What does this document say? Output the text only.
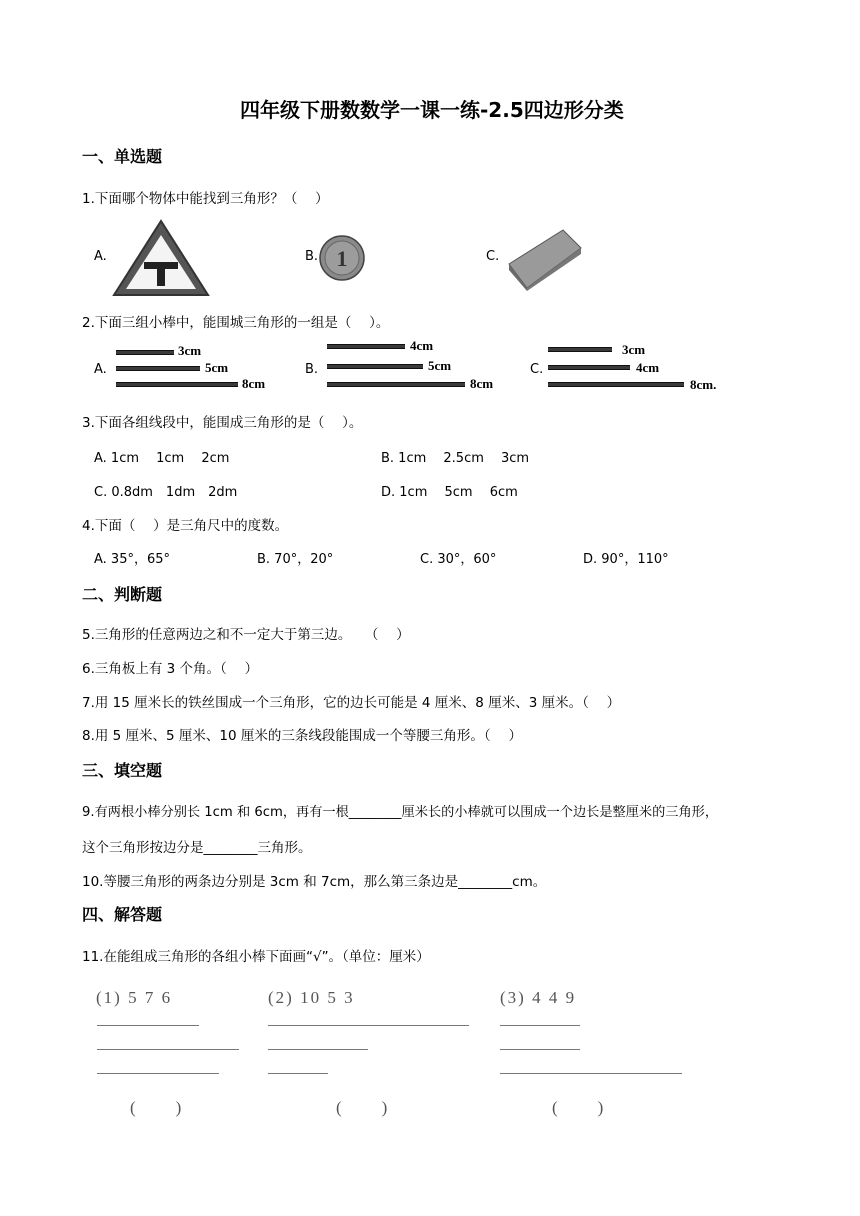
四年级下册数数学一课一练-2.5四边形分类
一、单选题
1.下面哪个物体中能找到三角形？（　 ）
A.	B. 1	C.
2.下面三组小棒中，能围城三角形的一组是（　 ）。
A.
3cm
5cm
8cm
B.
4cm
5cm
8cm
C.
3cm
4cm
8cm.
3.下面各组线段中，能围成三角形的是（　 ）。
A. 1cm　 1cm　 2cm	B. 1cm　 2.5cm　 3cm
C. 0.8dm　1dm　2dm	D. 1cm　 5cm　 6cm
4.下面（　 ）是三角尺中的度数。
A. 35°，65°	B. 70°，20°	C. 30°，60°	D. 90°，110°
二、判断题
5.三角形的任意两边之和不一定大于第三边。　　（　 ）
6.三角板上有 3 个角。（　 ）
7.用 15 厘米长的铁丝围成一个三角形，它的边长可能是 4 厘米、8 厘米、3 厘米。（　 ）
8.用 5 厘米、5 厘米、10 厘米的三条线段能围成一个等腰三角形。（　 ）
三、填空题
9.有两根小棒分别长 1cm 和 6cm，再有一根________厘米长的小棒就可以围成一个边长是整厘米的三角形，
这个三角形按边分是________三角形。
10.等腰三角形的两条边分别是 3cm 和 7cm，那么第三条边是________cm。
四、解答题
11.在能组成三角形的各组小棒下面画“√”。（单位：厘米）
(1) 5 7 6
(　　)
(2) 10 5 3
(　　)
(3) 4 4 9
(　　)
